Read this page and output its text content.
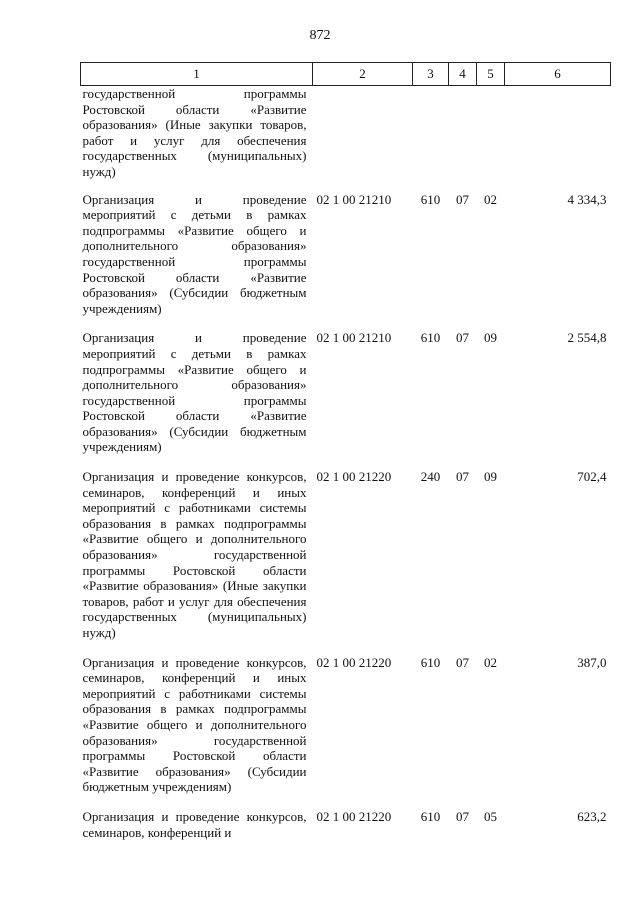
872
1	2	3	4	5	6
государственной программы Ростовской области «Развитие образования» (Иные закупки товаров, работ и услуг для обеспечения государственных (муниципальных) нужд)					
Организация и проведение мероприятий с детьми в рамках подпрограммы «Развитие общего и дополнительного образования» государственной программы Ростовской области «Развитие образования» (Субсидии бюджетным учреждениям)	02 1 00 21210	610	07	02	4 334,3
Организация и проведение мероприятий с детьми в рамках подпрограммы «Развитие общего и дополнительного образования» государственной программы Ростовской области «Развитие образования» (Субсидии бюджетным учреждениям)	02 1 00 21210	610	07	09	2 554,8
Организация и проведение конкурсов, семинаров, конференций и иных мероприятий с работниками системы образования в рамках подпрограммы «Развитие общего и дополнительного образования» государственной программы Ростовской области «Развитие образования» (Иные закупки товаров, работ и услуг для обеспечения государственных (муниципальных) нужд)	02 1 00 21220	240	07	09	702,4
Организация и проведение конкурсов, семинаров, конференций и иных мероприятий с работниками системы образования в рамках подпрограммы «Развитие общего и дополнительного образования» государственной программы Ростовской области «Развитие образования» (Субсидии бюджетным учреждениям)	02 1 00 21220	610	07	02	387,0
Организация и проведение конкурсов, семинаров, конференций и	02 1 00 21220	610	07	05	623,2
